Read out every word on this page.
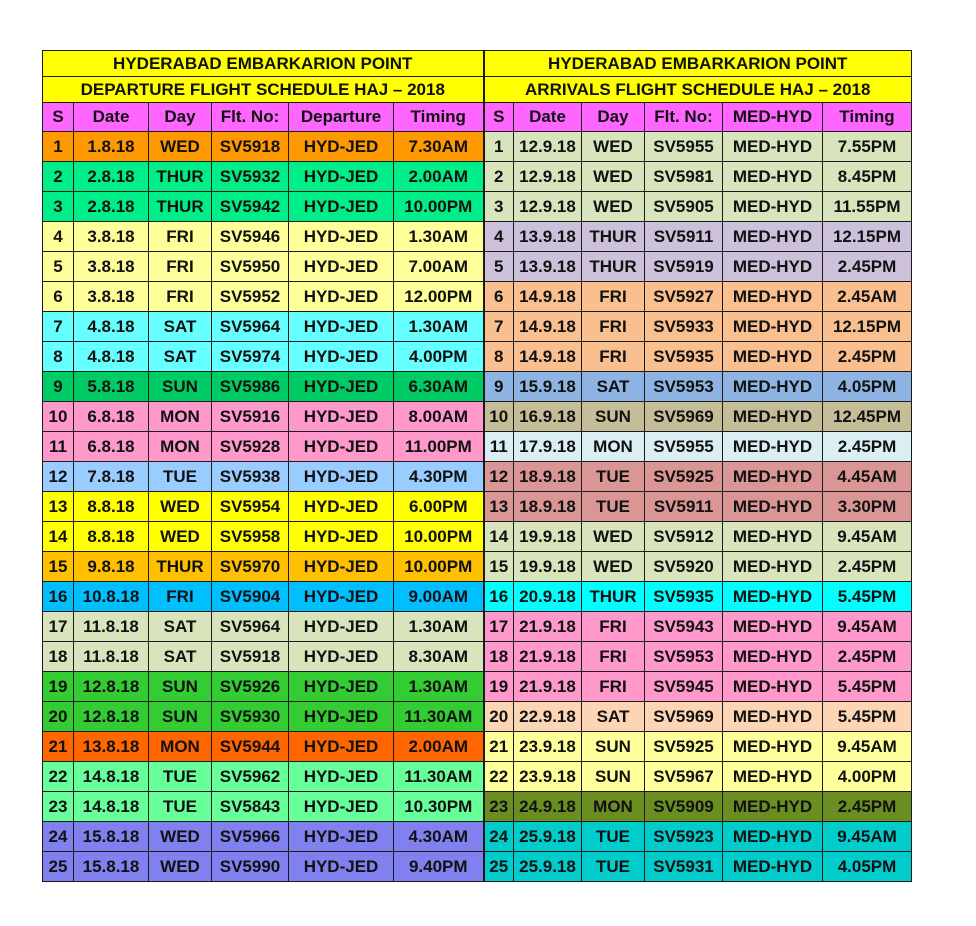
HYDERABAD EMBARKARION POINT						HYDERABAD EMBARKARION POINT					
DEPARTURE FLIGHT SCHEDULE HAJ – 2018						ARRIVALS FLIGHT SCHEDULE HAJ – 2018					
S	Date	Day	Flt. No:	Departure	Timing	S	Date	Day	Flt. No:	MED-HYD	Timing
1	1.8.18	WED	SV5918	HYD-JED	7.30AM	1	12.9.18	WED	SV5955	MED-HYD	7.55PM
2	2.8.18	THUR	SV5932	HYD-JED	2.00AM	2	12.9.18	WED	SV5981	MED-HYD	8.45PM
3	2.8.18	THUR	SV5942	HYD-JED	10.00PM	3	12.9.18	WED	SV5905	MED-HYD	11.55PM
4	3.8.18	FRI	SV5946	HYD-JED	1.30AM	4	13.9.18	THUR	SV5911	MED-HYD	12.15PM
5	3.8.18	FRI	SV5950	HYD-JED	7.00AM	5	13.9.18	THUR	SV5919	MED-HYD	2.45PM
6	3.8.18	FRI	SV5952	HYD-JED	12.00PM	6	14.9.18	FRI	SV5927	MED-HYD	2.45AM
7	4.8.18	SAT	SV5964	HYD-JED	1.30AM	7	14.9.18	FRI	SV5933	MED-HYD	12.15PM
8	4.8.18	SAT	SV5974	HYD-JED	4.00PM	8	14.9.18	FRI	SV5935	MED-HYD	2.45PM
9	5.8.18	SUN	SV5986	HYD-JED	6.30AM	9	15.9.18	SAT	SV5953	MED-HYD	4.05PM
10	6.8.18	MON	SV5916	HYD-JED	8.00AM	10	16.9.18	SUN	SV5969	MED-HYD	12.45PM
11	6.8.18	MON	SV5928	HYD-JED	11.00PM	11	17.9.18	MON	SV5955	MED-HYD	2.45PM
12	7.8.18	TUE	SV5938	HYD-JED	4.30PM	12	18.9.18	TUE	SV5925	MED-HYD	4.45AM
13	8.8.18	WED	SV5954	HYD-JED	6.00PM	13	18.9.18	TUE	SV5911	MED-HYD	3.30PM
14	8.8.18	WED	SV5958	HYD-JED	10.00PM	14	19.9.18	WED	SV5912	MED-HYD	9.45AM
15	9.8.18	THUR	SV5970	HYD-JED	10.00PM	15	19.9.18	WED	SV5920	MED-HYD	2.45PM
16	10.8.18	FRI	SV5904	HYD-JED	9.00AM	16	20.9.18	THUR	SV5935	MED-HYD	5.45PM
17	11.8.18	SAT	SV5964	HYD-JED	1.30AM	17	21.9.18	FRI	SV5943	MED-HYD	9.45AM
18	11.8.18	SAT	SV5918	HYD-JED	8.30AM	18	21.9.18	FRI	SV5953	MED-HYD	2.45PM
19	12.8.18	SUN	SV5926	HYD-JED	1.30AM	19	21.9.18	FRI	SV5945	MED-HYD	5.45PM
20	12.8.18	SUN	SV5930	HYD-JED	11.30AM	20	22.9.18	SAT	SV5969	MED-HYD	5.45PM
21	13.8.18	MON	SV5944	HYD-JED	2.00AM	21	23.9.18	SUN	SV5925	MED-HYD	9.45AM
22	14.8.18	TUE	SV5962	HYD-JED	11.30AM	22	23.9.18	SUN	SV5967	MED-HYD	4.00PM
23	14.8.18	TUE	SV5843	HYD-JED	10.30PM	23	24.9.18	MON	SV5909	MED-HYD	2.45PM
24	15.8.18	WED	SV5966	HYD-JED	4.30AM	24	25.9.18	TUE	SV5923	MED-HYD	9.45AM
25	15.8.18	WED	SV5990	HYD-JED	9.40PM	25	25.9.18	TUE	SV5931	MED-HYD	4.05PM
